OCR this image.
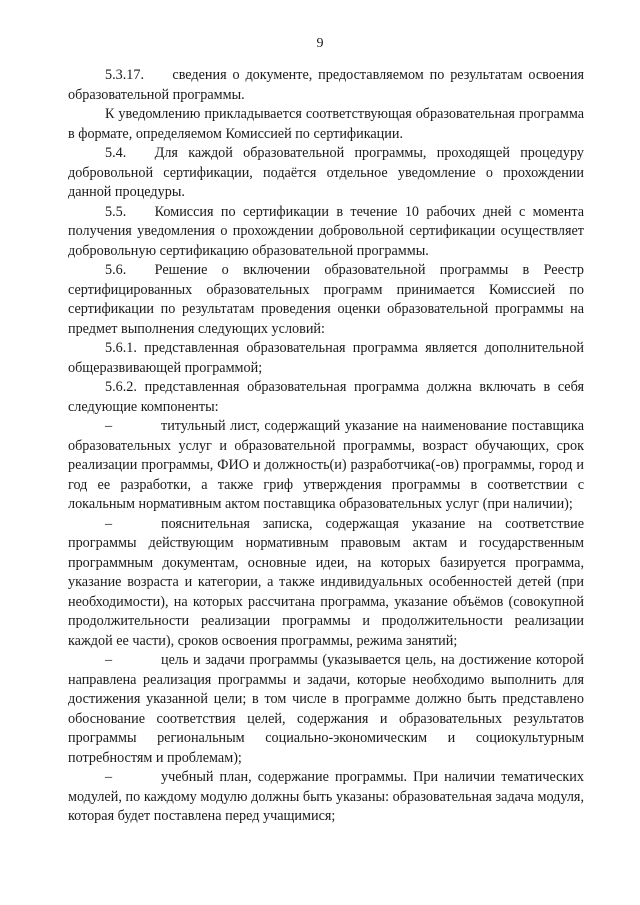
9

5.3.17.  сведения о документе, предоставляемом по результатам освоения образовательной программы.

К уведомлению прикладывается соответствующая образовательная программа в формате, определяемом Комиссией по сертификации.

5.4.  Для каждой образовательной программы, проходящей процедуру добровольной сертификации, подаётся отдельное уведомление о прохождении данной процедуры.

5.5.  Комиссия по сертификации в течение 10 рабочих дней с момента получения уведомления о прохождении добровольной сертификации осуществляет добровольную сертификацию образовательной программы.

5.6.  Решение о включении образовательной программы в Реестр сертифицированных образовательных программ принимается Комиссией по сертификации по результатам проведения оценки образовательной программы на предмет выполнения следующих условий:

5.6.1. представленная образовательная программа является дополнительной общеразвивающей программой;

5.6.2. представленная образовательная программа должна включать в себя следующие компоненты:

–	титульный лист, содержащий указание на наименование поставщика образовательных услуг и образовательной программы, возраст обучающих, срок реализации программы, ФИО и должность(и) разработчика(-ов) программы, город и год ее разработки, а также гриф утверждения программы в соответствии с локальным нормативным актом поставщика образовательных услуг (при наличии);

–	пояснительная записка, содержащая указание на соответствие программы действующим нормативным правовым актам и государственным программным документам, основные идеи, на которых базируется программа, указание возраста и категории, а также индивидуальных особенностей детей (при необходимости), на которых рассчитана программа, указание объёмов (совокупной продолжительности реализации программы и продолжительности реализации каждой ее части), сроков освоения программы, режима занятий;

–	цель и задачи программы (указывается цель, на достижение которой направлена реализация программы и задачи, которые необходимо выполнить для достижения указанной цели; в том числе в программе должно быть представлено обоснование соответствия целей, содержания и образовательных результатов программы региональным социально-экономическим и социокультурным потребностям и проблемам);

–	учебный план, содержание программы. При наличии тематических модулей, по каждому модулю должны быть указаны: образовательная задача модуля, которая будет поставлена перед учащимися;
